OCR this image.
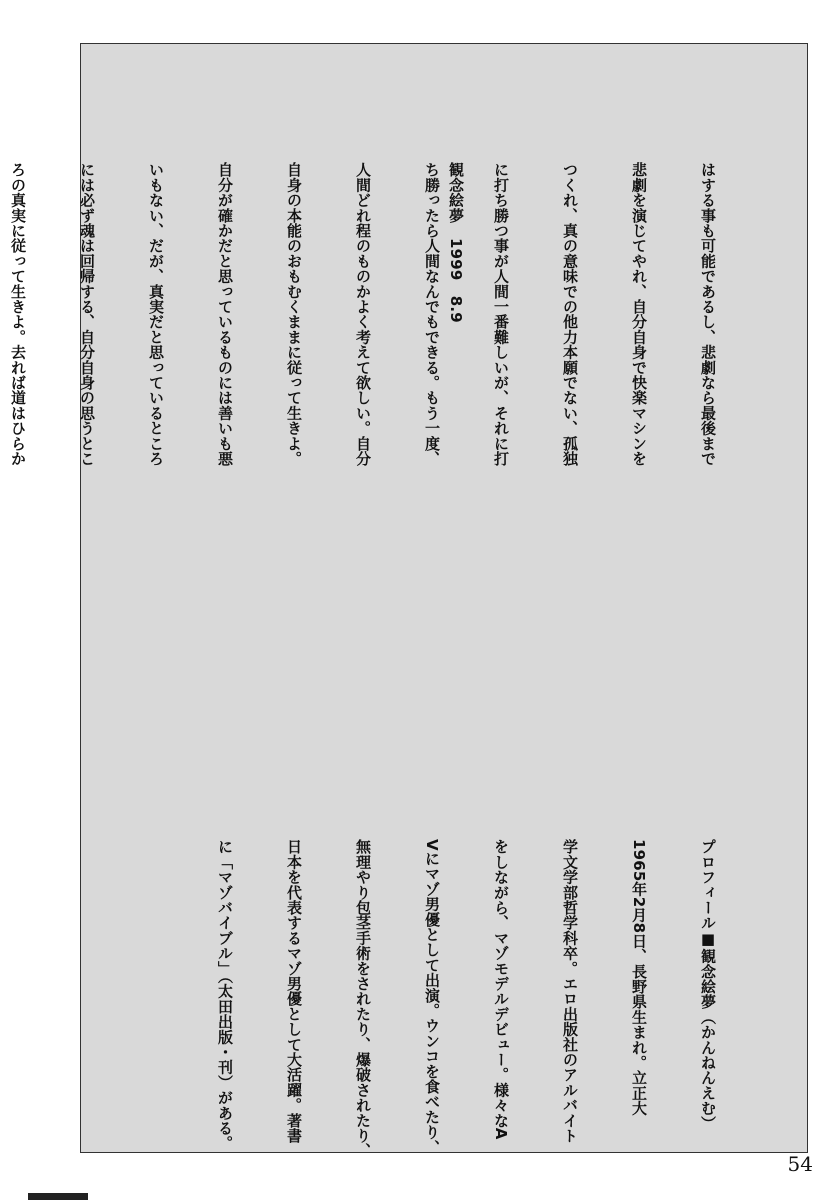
はする事も可能であるし、悲劇なら最後まで

悲劇を演じてやれ、自分自身で快楽マシンを

つくれ、真の意味での他力本願でない、孤独

に打ち勝つ事が人間一番難しいが、それに打

ち勝ったら人間なんでもできる。もう一度、

人間どれ程のものかよく考えて欲しい。自分

自身の本能のおもむくままに従って生きよ。

自分が確かだと思っているものには善いも悪

いもない、だが、真実だと思っているところ

には必ず魂は回帰する、自分自身の思うとこ

ろの真実に従って生きよ。去れば道はひらか

	観念絵夢　1999　8.9

プロフィール■観念絵夢（かんねんえむ）

1965年2月8日、長野県生まれ。立正大

学文学部哲学科卒。エロ出版社のアルバイト

をしながら、マゾモデルデビュー。様々なA

Vにマゾ男優として出演。ウンコを食べたり、

無理やり包茎手術をされたり、爆破されたり、

日本を代表するマゾ男優として大活躍。著書

に「マゾバイブル」（太田出版・刊）がある。

54
